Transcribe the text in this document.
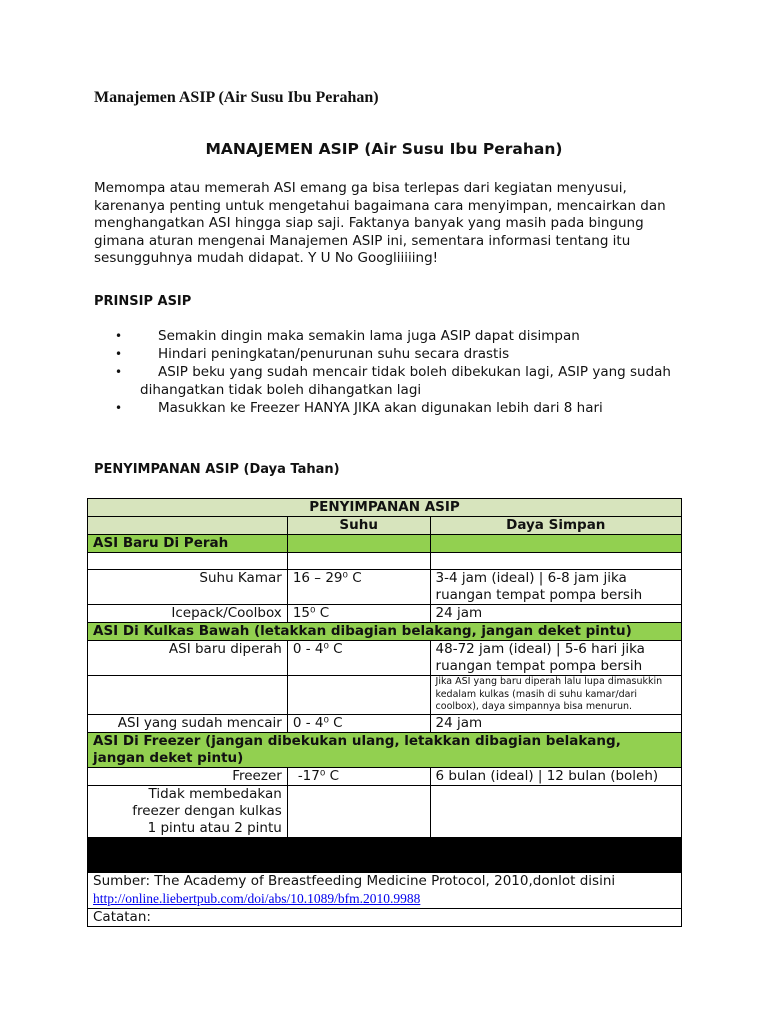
Manajemen ASIP (Air Susu Ibu Perahan)
MANAJEMEN ASIP (Air Susu Ibu Perahan)

Memompa atau memerah ASI emang ga bisa terlepas dari kegiatan menyusui, karenanya penting untuk mengetahui bagaimana cara menyimpan, mencairkan dan menghangatkan ASI hingga siap saji. Faktanya banyak yang masih pada bingung gimana aturan mengenai Manajemen ASIP ini, sementara informasi tentang itu sesungguhnya mudah didapat. Y U No Googliiiiing!

PRINSIP ASIP
• Semakin dingin maka semakin lama juga ASIP dapat disimpan
• Hindari peningkatan/penurunan suhu secara drastis
• ASIP beku yang sudah mencair tidak boleh dibekukan lagi, ASIP yang sudah dihangatkan tidak boleh dihangatkan lagi
• Masukkan ke Freezer HANYA JIKA akan digunakan lebih dari 8 hari
PENYIMPANAN ASIP (Daya Tahan)
PENYIMPANAN ASIP		
	Suhu	Daya Simpan
ASI Baru Di Perah		

Suhu Kamar	16 – 29⁰ C	3-4 jam (ideal) | 6-8 jam jika ruangan tempat pompa bersih
Icepack/Coolbox	15⁰ C	24 jam
ASI Di Kulkas Bawah (letakkan dibagian belakang, jangan deket pintu)		
ASI baru diperah	0 - 4⁰ C	48-72 jam (ideal) | 5-6 hari jika ruangan tempat pompa bersih
		Jika ASI yang baru diperah lalu lupa dimasukkin kedalam kulkas (masih di suhu kamar/dari coolbox), daya simpannya bisa menurun.
ASI yang sudah mencair	0 - 4⁰ C	24 jam
ASI Di Freezer (jangan dibekukan ulang, letakkan dibagian belakang, jangan deket pintu)		
Freezer	-17⁰ C	6 bulan (ideal) | 12 bulan (boleh)
Tidak membedakan freezer dengan kulkas 1 pintu atau 2 pintu		

Sumber: The Academy of Breastfeeding Medicine Protocol, 2010,donlot disini http://online.liebertpub.com/doi/abs/10.1089/bfm.2010.9988		
Catatan:		
